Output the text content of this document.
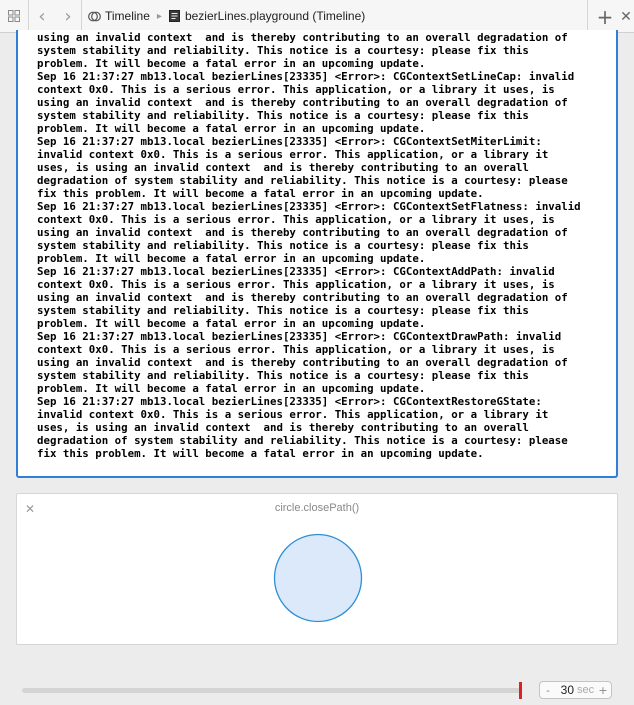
‹	›	Timeline ▸ bezierLines.playground (Timeline)	+ ✕
using an invalid context  and is thereby contributing to an overall degradation of
system stability and reliability. This notice is a courtesy: please fix this
problem. It will become a fatal error in an upcoming update.
Sep 16 21:37:27 mb13.local bezierLines[23335] <Error>: CGContextSetLineCap: invalid
context 0x0. This is a serious error. This application, or a library it uses, is
using an invalid context  and is thereby contributing to an overall degradation of
system stability and reliability. This notice is a courtesy: please fix this
problem. It will become a fatal error in an upcoming update.
Sep 16 21:37:27 mb13.local bezierLines[23335] <Error>: CGContextSetMiterLimit:
invalid context 0x0. This is a serious error. This application, or a library it
uses, is using an invalid context  and is thereby contributing to an overall
degradation of system stability and reliability. This notice is a courtesy: please
fix this problem. It will become a fatal error in an upcoming update.
Sep 16 21:37:27 mb13.local bezierLines[23335] <Error>: CGContextSetFlatness: invalid
context 0x0. This is a serious error. This application, or a library it uses, is
using an invalid context  and is thereby contributing to an overall degradation of
system stability and reliability. This notice is a courtesy: please fix this
problem. It will become a fatal error in an upcoming update.
Sep 16 21:37:27 mb13.local bezierLines[23335] <Error>: CGContextAddPath: invalid
context 0x0. This is a serious error. This application, or a library it uses, is
using an invalid context  and is thereby contributing to an overall degradation of
system stability and reliability. This notice is a courtesy: please fix this
problem. It will become a fatal error in an upcoming update.
Sep 16 21:37:27 mb13.local bezierLines[23335] <Error>: CGContextDrawPath: invalid
context 0x0. This is a serious error. This application, or a library it uses, is
using an invalid context  and is thereby contributing to an overall degradation of
system stability and reliability. This notice is a courtesy: please fix this
problem. It will become a fatal error in an upcoming update.
Sep 16 21:37:27 mb13.local bezierLines[23335] <Error>: CGContextRestoreGState:
invalid context 0x0. This is a serious error. This application, or a library it
uses, is using an invalid context  and is thereby contributing to an overall
degradation of system stability and reliability. This notice is a courtesy: please
fix this problem. It will become a fatal error in an upcoming update.
✕	circle.closePath()
- 30 sec +
